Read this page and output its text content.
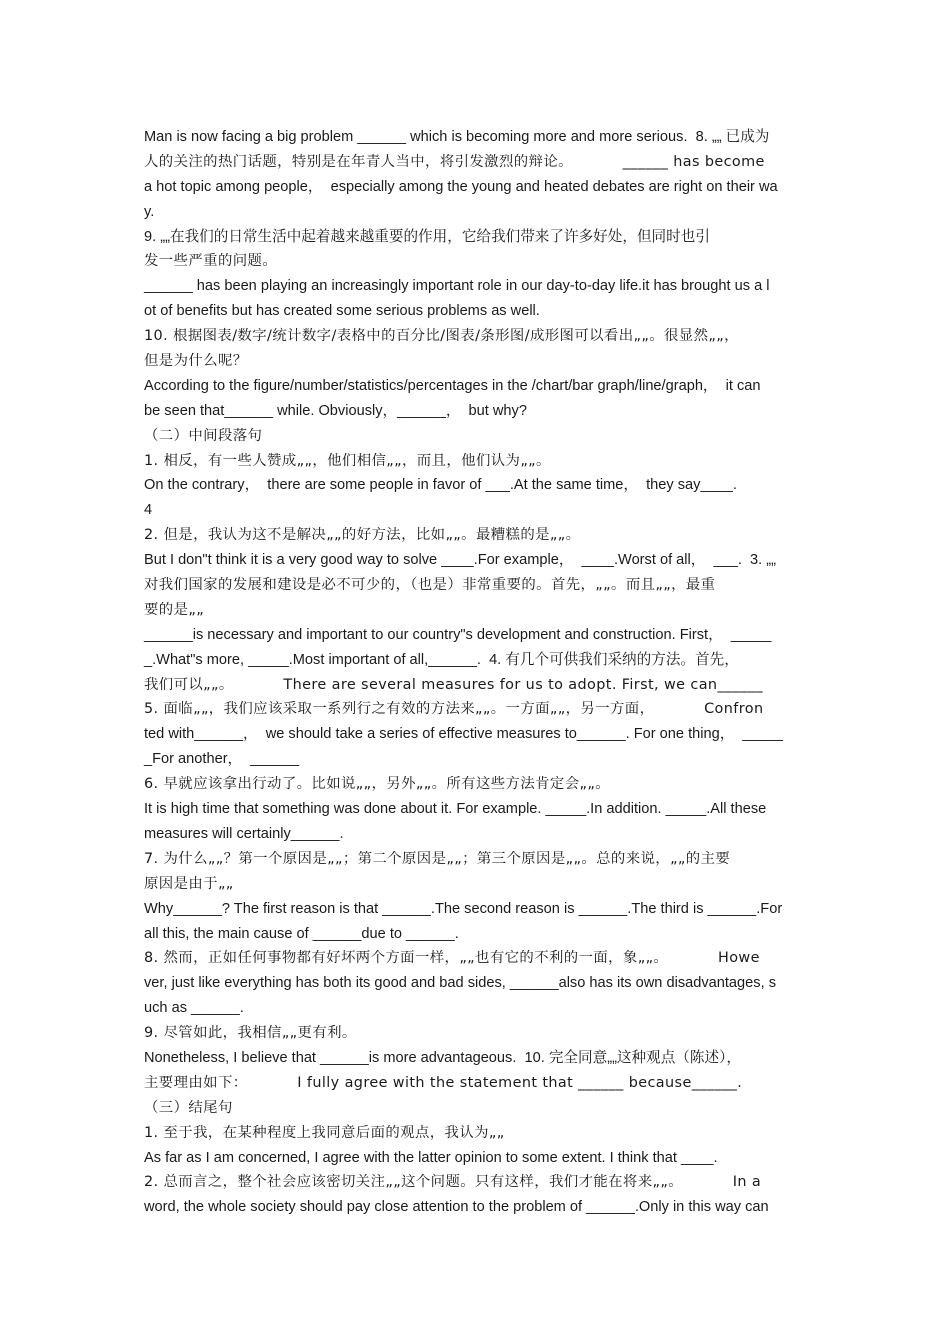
Man is now facing a big problem ______ which is becoming more and more serious.  8. „„ 已成为
人的关注的热门话题，特别是在年青人当中，将引发激烈的辩论。          ______ has become
a hot topic among people，  especially among the young and heated debates are right on their wa
y.
9. „„在我们的日常生活中起着越来越重要的作用，它给我们带来了许多好处，但同时也引
发一些严重的问题。
______ has been playing an increasingly important role in our day-to-day life.it has brought us a l
ot of benefits but has created some serious problems as well.
10. 根据图表/数字/统计数字/表格中的百分比/图表/条形图/成形图可以看出„„。很显然„„，
但是为什么呢？
According to the figure/number/statistics/percentages in the /chart/bar graph/line/graph，  it can
be seen that______ while. Obviously，______，  but why?
（二）中间段落句
1. 相反，有一些人赞成„„，他们相信„„，而且，他们认为„„。
On the contrary，  there are some people in favor of ___.At the same time，  they say____.
4
2. 但是，我认为这不是解决„„的好方法，比如„„。最糟糕的是„„。
But I don"t think it is a very good way to solve ____.For example，  ____.Worst of all，  ___.  3. „„
对我们国家的发展和建设是必不可少的，（也是）非常重要的。首先，„„。而且„„，最重
要的是„„
______is necessary and important to our country"s development and construction. First，  _____
_.What"s more, _____.Most important of all,______.  4. 有几个可供我们采纳的方法。首先，
我们可以„„。          There are several measures for us to adopt. First, we can______
5. 面临„„，我们应该采取一系列行之有效的方法来„„。一方面„„，另一方面，          Confron
ted with______，  we should take a series of effective measures to______. For one thing，  _____
_For another，  ______
6. 早就应该拿出行动了。比如说„„，另外„„。所有这些方法肯定会„„。
It is high time that something was done about it. For example. _____.In addition. _____.All these
measures will certainly______.
7. 为什么„„？第一个原因是„„；第二个原因是„„；第三个原因是„„。总的来说，„„的主要
原因是由于„„
Why______? The first reason is that ______.The second reason is ______.The third is ______.For
all this, the main cause of ______due to ______.
8. 然而，正如任何事物都有好坏两个方面一样，„„也有它的不利的一面，象„„。          Howe
ver, just like everything has both its good and bad sides, ______also has its own disadvantages, s
uch as ______.
9. 尽管如此，我相信„„更有利。
Nonetheless, I believe that ______is more advantageous.  10. 完全同意„„这种观点（陈述），
主要理由如下：          I fully agree with the statement that ______ because______.
（三）结尾句
1. 至于我，在某种程度上我同意后面的观点，我认为„„
As far as I am concerned, I agree with the latter opinion to some extent. I think that ____.
2. 总而言之，整个社会应该密切关注„„这个问题。只有这样，我们才能在将来„„。          In a
word, the whole society should pay close attention to the problem of ______.Only in this way can
